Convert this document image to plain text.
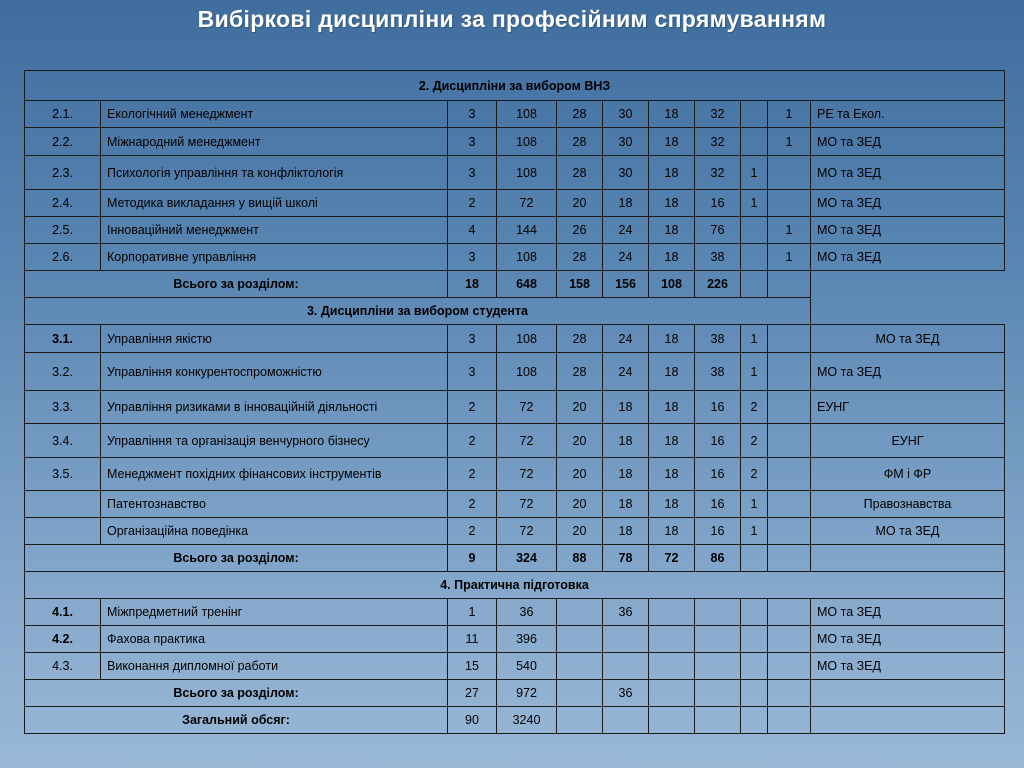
Вибіркові дисципліни за професійним спрямуванням
2. Дисципліни за вибором ВНЗ										
2.1.	Екологічний менеджмент	3	108	28	30	18	32		1	РЕ та Екол.
2.2.	Міжнародний менеджмент	3	108	28	30	18	32		1	МО та ЗЕД
2.3.	Психологія управління та конфліктологія	3	108	28	30	18	32	1		МО та ЗЕД
2.4.	Методика викладання у вищій школі	2	72	20	18	18	16	1		МО та ЗЕД
2.5.	Інноваційний менеджмент	4	144	26	24	18	76		1	МО та ЗЕД
2.6.	Корпоративне управління	3	108	28	24	18	38		1	МО та ЗЕД
Всього за розділом:		18	648	158	156	108	226			
3. Дисципліни за вибором студента										
3.1.	Управління якістю	3	108	28	24	18	38	1		МО та ЗЕД
3.2.	Управління конкурентоспроможністю	3	108	28	24	18	38	1		МО та ЗЕД
3.3.	Управління ризиками в інноваційній діяльності	2	72	20	18	18	16	2		ЕУНГ
3.4.	Управління та організація венчурного бізнесу	2	72	20	18	18	16	2		ЕУНГ
3.5.	Менеджмент похідних фінансових інструментів	2	72	20	18	18	16	2		ФМ і ФР
	Патентознавство	2	72	20	18	18	16	1		Правознавства
	Організаційна поведінка	2	72	20	18	18	16	1		МО та ЗЕД
Всього за розділом:		9	324	88	78	72	86			
4. Практична підготовка										
4.1.	Міжпредметний тренінг	1	36		36					МО та ЗЕД
4.2.	Фахова практика	11	396							МО та ЗЕД
4.3.	Виконання дипломної работи	15	540							МО та ЗЕД
Всього за розділом:		27	972		36					
Загальний обсяг:		90	3240							
